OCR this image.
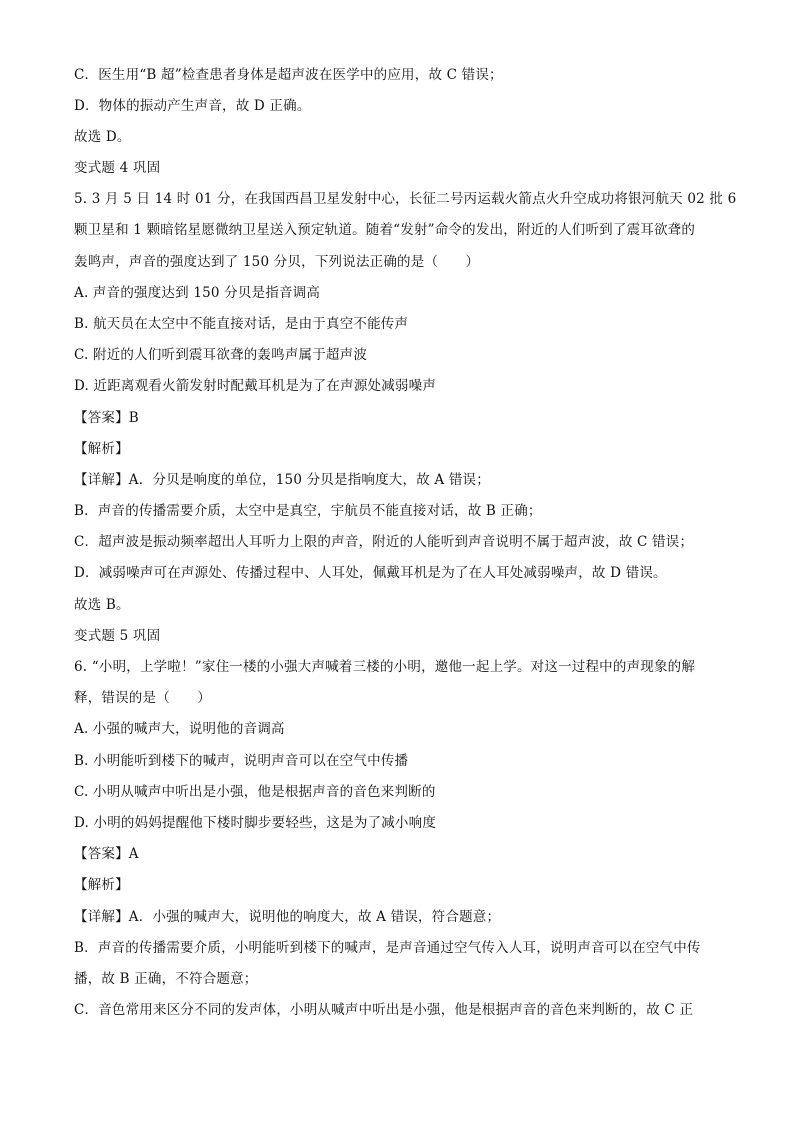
C．医生用“B 超”检查患者身体是超声波在医学中的应用，故 C 错误；
D．物体的振动产生声音，故 D 正确。
故选 D。
变式题 4 巩固
5. 3 月 5 日 14 时 01 分，在我国西昌卫星发射中心，长征二号丙运载火箭点火升空成功将银河航天 02 批 6
颗卫星和 1 颗暗铭星愿微纳卫星送入预定轨道。随着“发射”命令的发出，附近的人们听到了震耳欲聋的
轰鸣声，声音的强度达到了 150 分贝，下列说法正确的是（　　）
A. 声音的强度达到 150 分贝是指音调高
B. 航天员在太空中不能直接对话，是由于真空不能传声
C. 附近的人们听到震耳欲聋的轰鸣声属于超声波
D. 近距离观看火箭发射时配戴耳机是为了在声源处减弱噪声
【答案】B
【解析】
【详解】A．分贝是响度的单位，150 分贝是指响度大，故 A 错误；
B．声音的传播需要介质，太空中是真空，宇航员不能直接对话，故 B 正确；
C．超声波是振动频率超出人耳听力上限的声音，附近的人能听到声音说明不属于超声波，故 C 错误；
D．减弱噪声可在声源处、传播过程中、人耳处，佩戴耳机是为了在人耳处减弱噪声，故 D 错误。
故选 B。
变式题 5 巩固
6. “小明，上学啦！”家住一楼的小强大声喊着三楼的小明，邀他一起上学。对这一过程中的声现象的解
释，错误的是（　　）
A. 小强的喊声大，说明他的音调高
B. 小明能听到楼下的喊声，说明声音可以在空气中传播
C. 小明从喊声中听出是小强，他是根据声音的音色来判断的
D. 小明的妈妈提醒他下楼时脚步要轻些，这是为了减小响度
【答案】A
【解析】
【详解】A．小强的喊声大，说明他的响度大，故 A 错误，符合题意；
B．声音的传播需要介质，小明能听到楼下的喊声，是声音通过空气传入人耳，说明声音可以在空气中传
播，故 B 正确，不符合题意；
C．音色常用来区分不同的发声体，小明从喊声中听出是小强，他是根据声音的音色来判断的，故 C 正
